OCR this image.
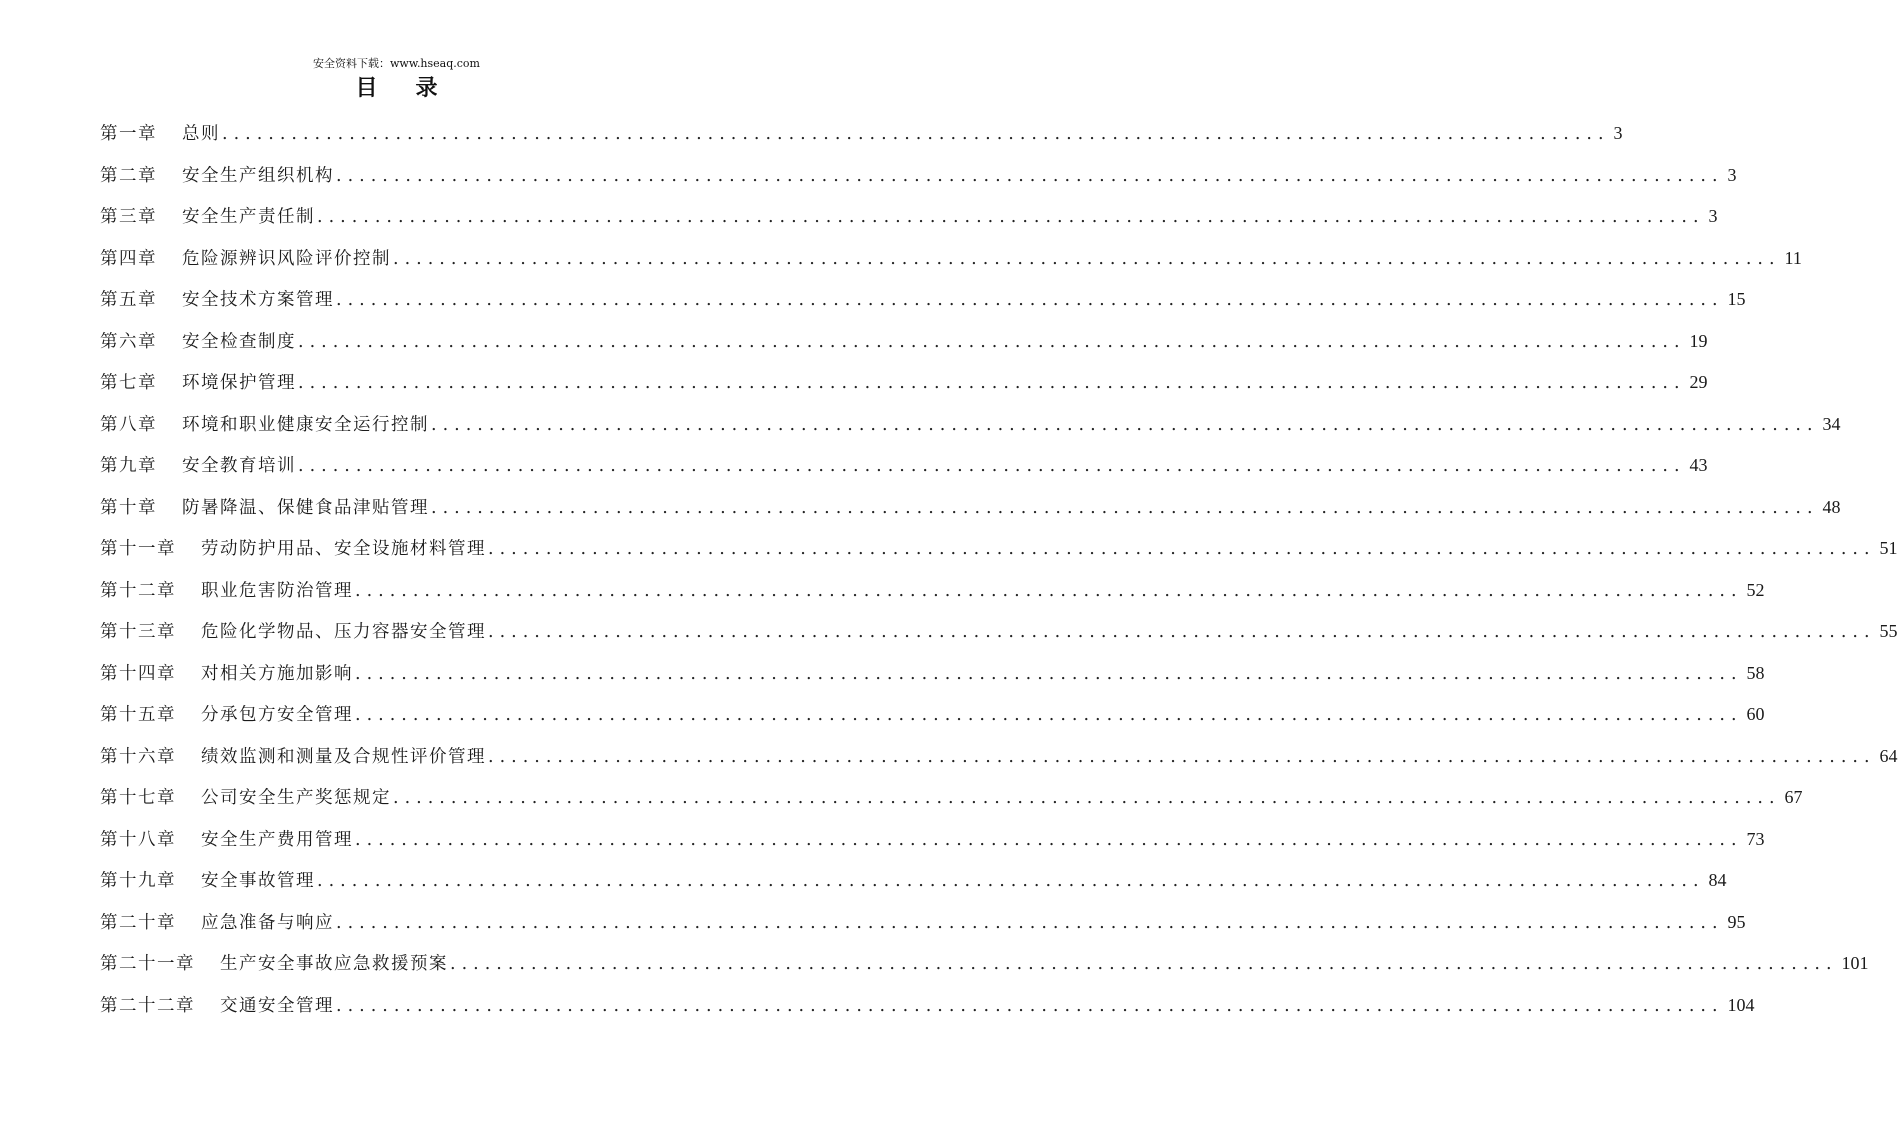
安全资料下载：www.hseaq.com
目录
第一章	总则 ........................................................................................................................ 3
第二章	安全生产组织机构 ........................................................................................................................ 3
第三章	安全生产责任制 ........................................................................................................................ 3
第四章	危险源辨识风险评价控制 ........................................................................................................................ 11
第五章	安全技术方案管理 ........................................................................................................................ 15
第六章	安全检查制度 ........................................................................................................................ 19
第七章	环境保护管理 ........................................................................................................................ 29
第八章	环境和职业健康安全运行控制 ........................................................................................................................ 34
第九章	安全教育培训 ........................................................................................................................ 43
第十章	防暑降温、保健食品津贴管理 ........................................................................................................................ 48
第十一章	劳动防护用品、安全设施材料管理 ........................................................................................................................ 51
第十二章	职业危害防治管理 ........................................................................................................................ 52
第十三章	危险化学物品、压力容器安全管理 ........................................................................................................................ 55
第十四章	对相关方施加影响 ........................................................................................................................ 58
第十五章	分承包方安全管理 ........................................................................................................................ 60
第十六章	绩效监测和测量及合规性评价管理 ........................................................................................................................ 64
第十七章	公司安全生产奖惩规定 ........................................................................................................................ 67
第十八章	安全生产费用管理 ........................................................................................................................ 73
第十九章	安全事故管理 ........................................................................................................................ 84
第二十章	应急准备与响应 ........................................................................................................................ 95
第二十一章	生产安全事故应急救援预案 ........................................................................................................................ 101
第二十二章	交通安全管理 ........................................................................................................................ 104
